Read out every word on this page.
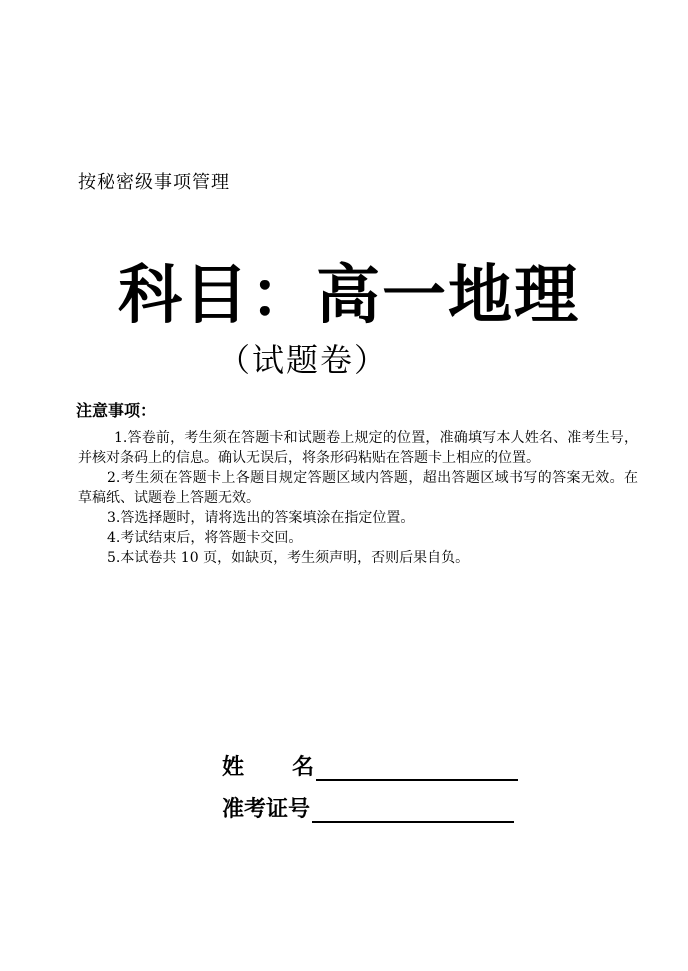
按秘密级事项管理
科目：高一地理
（试题卷）
注意事项：

1.答卷前，考生须在答题卡和试题卷上规定的位置，准确填写本人姓名、准考生号，并核对条码上的信息。确认无误后，将条形码粘贴在答题卡上相应的位置。

2.考生须在答题卡上各题目规定答题区域内答题，超出答题区域书写的答案无效。在草稿纸、试题卷上答题无效。

3.答选择题时，请将选出的答案填涂在指定位置。

4.考试结束后，将答题卡交回。

5.本试卷共 10 页，如缺页，考生须声明，否则后果自负。

姓 名
准考证号
